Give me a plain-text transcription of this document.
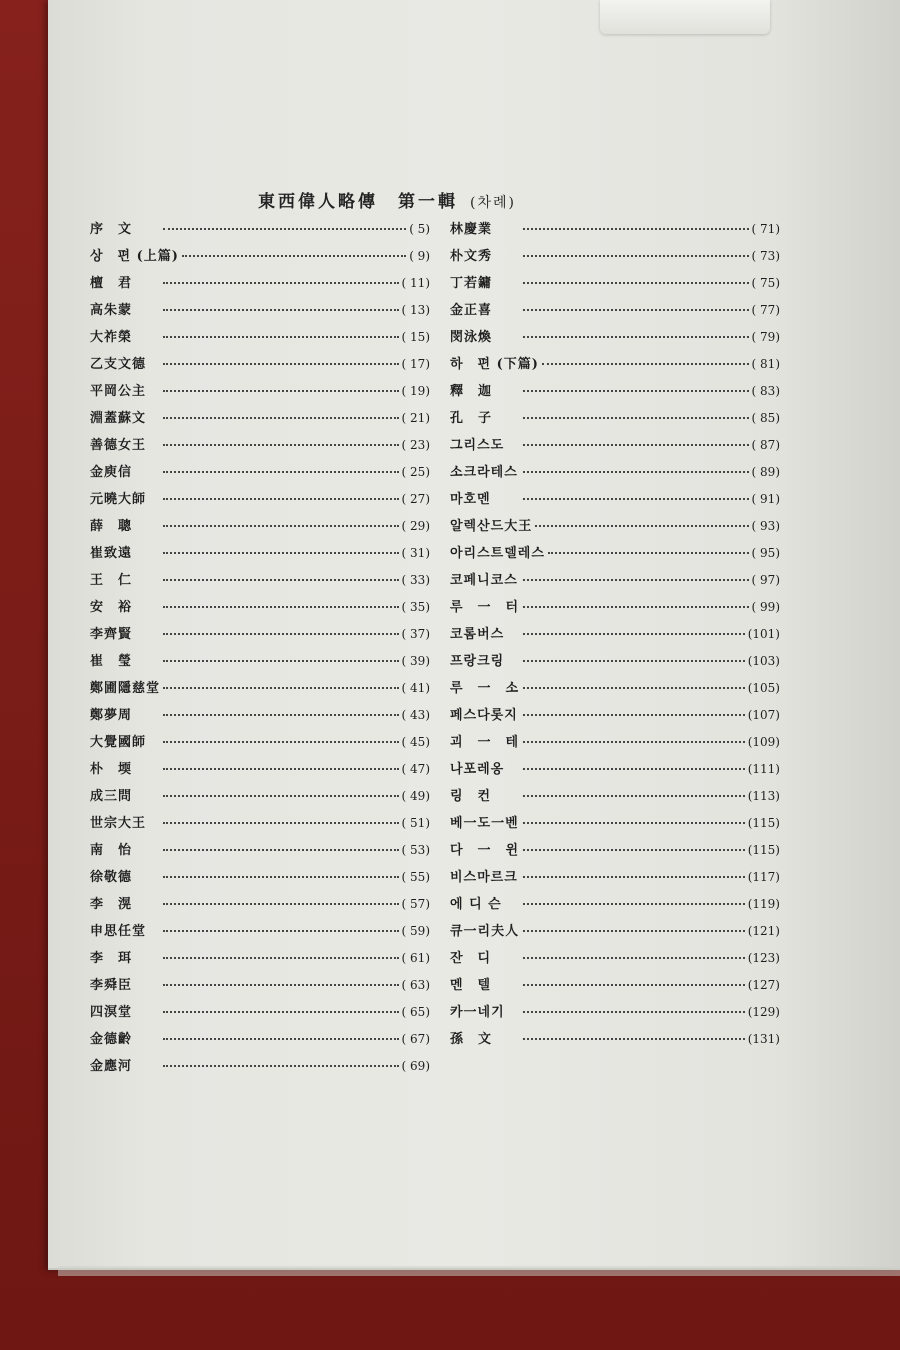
東西偉人略傳　第一輯 (차례)
序　文	( 5)
상　편 (上篇)	( 9)
檀　君	( 11)
高朱蒙	( 13)
大祚榮	( 15)
乙支文德	( 17)
平岡公主	( 19)
淵蓋蘇文	( 21)
善德女王	( 23)
金庾信	( 25)
元曉大師	( 27)
薛　聰	( 29)
崔致遠	( 31)
王　仁	( 33)
安　裕	( 35)
李齊賢	( 37)
崔　瑩	( 39)
鄭圃隱慈堂	( 41)
鄭夢周	( 43)
大覺國師	( 45)
朴　堧	( 47)
成三問	( 49)
世宗大王	( 51)
南　怡	( 53)
徐敬德	( 55)
李　滉	( 57)
申思任堂	( 59)
李　珥	( 61)
李舜臣	( 63)
四溟堂	( 65)
金德齡	( 67)
金應河	( 69)
林慶業	( 71)
朴文秀	( 73)
丁若鏞	( 75)
金正喜	( 77)
閔泳煥	( 79)
하　편 (下篇)	( 81)
釋　迦	( 83)
孔　子	( 85)
그리스도	( 87)
소크라테스	( 89)
마호멘	( 91)
알렉산드大王	( 93)
아리스트델레스	( 95)
코페니코스	( 97)
루　一　터	( 99)
코롬버스	(101)
프랑크링	(103)
루　一　소	(105)
페스다롯지	(107)
괴　一　테	(109)
나포레옹	(111)
링　컨	(113)
베一도一벤	(115)
다　一　윈	(115)
비스마르크	(117)
에 디 슨	(119)
큐一리夫人	(121)
잔　디	(123)
멘　텔	(127)
카一네기	(129)
孫　文	(131)
